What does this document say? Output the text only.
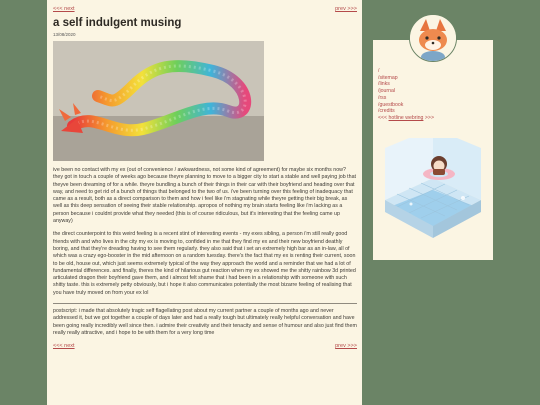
<<< next	prev >>>
a self indulgent musing
13/08/2020

ive been no contact with my ex (out of convenience / awkwardness, not some kind of agreement) for maybe six months now? they got in touch a couple of weeks ago because theyre planning to move to a bigger city to start a stable and well paying job that theyve been dreaming of for a while. theyre bundling a bunch of their things in their car with their boyfriend and heading over that way, and need to get rid of a bunch of things that belonged to the two of us. i've been turning over this feeling of inadequacy that came as a result, both as a direct comparison to them and how i feel like i'm stagnating while theyre getting their big break, as well as this deep sensation of seeing their stable relationship. apropos of nothing my brain starts feeling like i'm lacking as a person because i couldnt provide what they needed (this is of course ridiculous, but it's interesting that the feeling came up anyway)

the direct counterpoint to this weird feeling is a recent stint of interesting events - my exes sibling, a person i'm still really good friends with and who lives in the city my ex is moving to, confided in me that they find my ex and their new boyfriend deathly boring, and that they're dreading having to see them regularly. they also said that i set an extremely high bar as an in-law, all of which was a crazy ego-booster in the mid afternoon on a random tuesday. there's the fact that my ex is renting their current, soon to be old, house out, which just seems extremely typical of the way they approach the world and a reminder that we had a lot of fundamental differences. and finally, theres the kind of hilarious gut reaction when my ex showed me the shitty rainbow 3d printed articulated dragon their boyfriend gave them, and i almost felt shame that i had been in a relationship with someone with such shitty taste. this is extremely petty obviously, but i hope it also communicates potentially the most bizarre feeling of realising that you have truly moved on from your ex lol

postscript: i made that absolutely tragic self flagellating post about my current partner a couple of months ago and never addressed it, but we got together a couple of days later and had a really tough but ultimately really helpful conversation and have been going really incredibly well since then. i admire their creativity and their tenacity and sense of humour and also just find them really really attractive, and i hope to be with them for a very long time

<<< next	prev >>>
/
/sitemap
/links
/journal
/rss
/guestbook
/credits
<<< hotline webring >>>
